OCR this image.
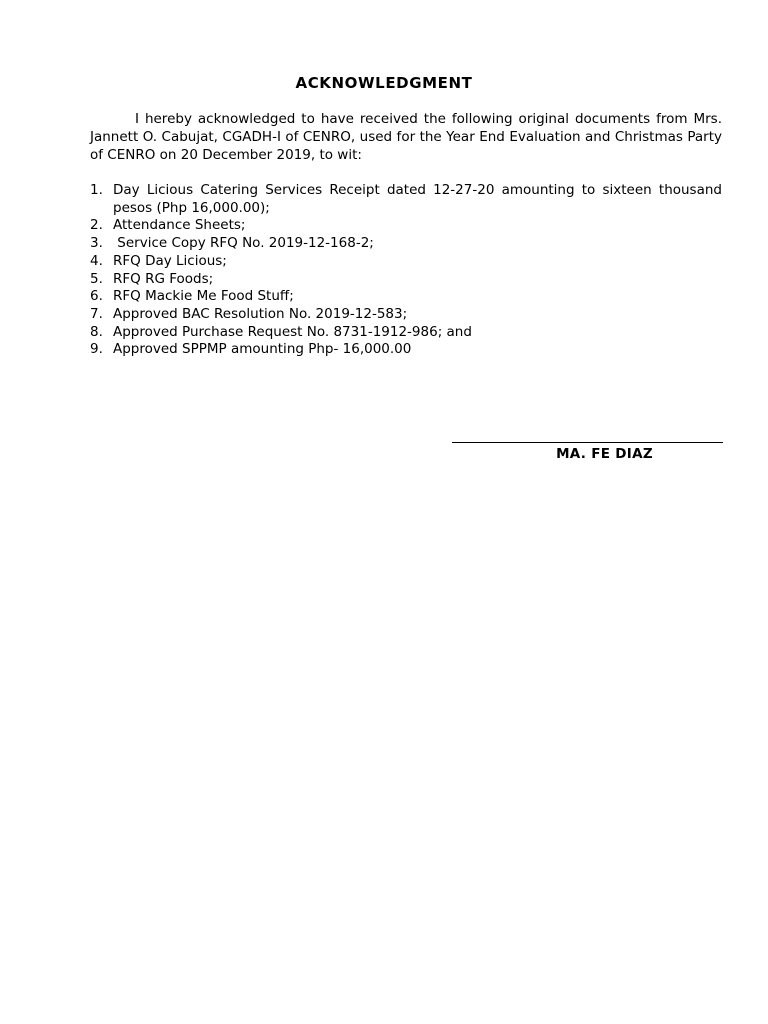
ACKNOWLEDGMENT

I hereby acknowledged to have received the following original documents from Mrs. Jannett O. Cabujat, CGADH-I of CENRO, used for the Year End Evaluation and Christmas Party of CENRO on 20 December 2019, to wit:

1. Day Licious Catering Services Receipt dated 12-27-20 amounting to sixteen thousand pesos (Php 16,000.00);
2. Attendance Sheets;
3. Service Copy RFQ No. 2019-12-168-2;
4. RFQ Day Licious;
5. RFQ RG Foods;
6. RFQ Mackie Me Food Stuff;
7. Approved BAC Resolution No. 2019-12-583;
8. Approved Purchase Request No. 8731-1912-986; and
9. Approved SPPMP amounting Php- 16,000.00
MA. FE DIAZ
